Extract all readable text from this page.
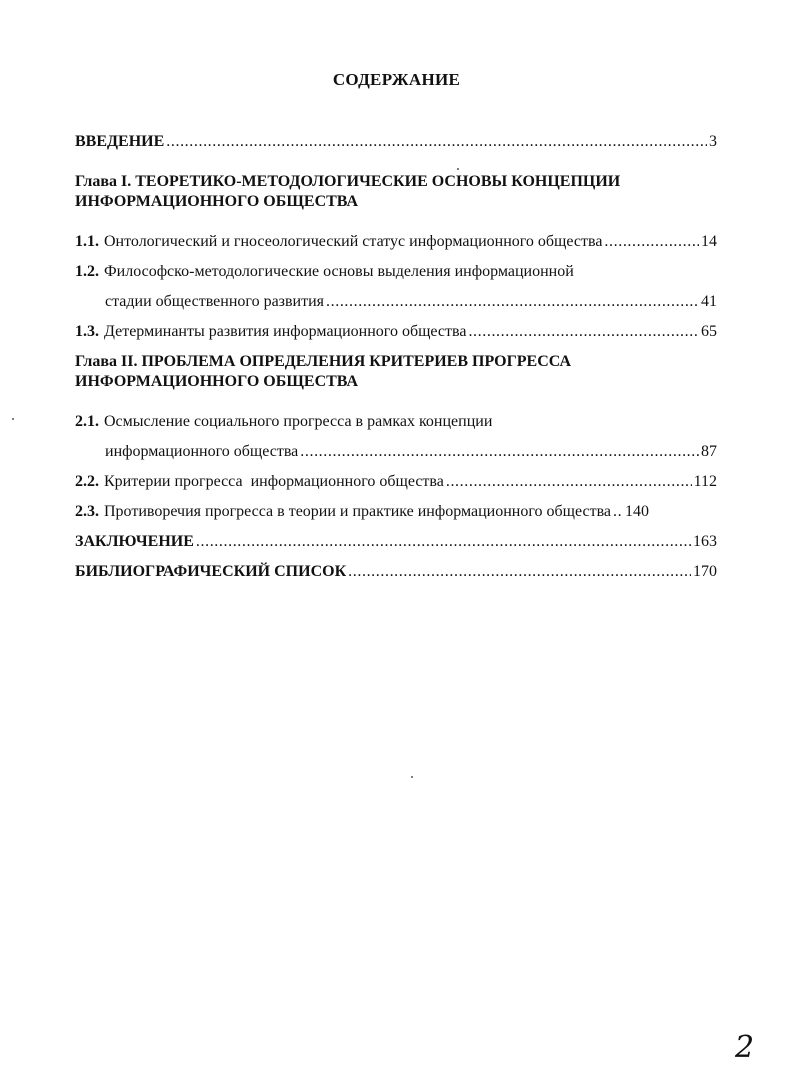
СОДЕРЖАНИЕ
ВВЕДЕНИЕ .....	3
Глава I. ТЕОРЕТИКО-МЕТОДОЛОГИЧЕСКИЕ ОСНОВЫ КОНЦЕПЦИИ
ИНФОРМАЦИОННОГО ОБЩЕСТВА
1.1. Онтологический и гносеологический статус информационного общества .....	14
1.2. Философско-методологические основы выделения информационной
стадии общественного развития .....	41
1.3. Детерминанты развития информационного общества .....	65
Глава II. ПРОБЛЕМА ОПРЕДЕЛЕНИЯ КРИТЕРИЕВ ПРОГРЕССА
ИНФОРМАЦИОННОГО ОБЩЕСТВА
2.1. Осмысление социального прогресса в рамках концепции
информационного общества .....	87
2.2. Критерии прогресса  информационного общества .....	112
2.3. Противоречия прогресса в теории и практике информационного общества ..... 140
ЗАКЛЮЧЕНИЕ .....	163
БИБЛИОГРАФИЧЕСКИЙ СПИСОК .....	170
2
